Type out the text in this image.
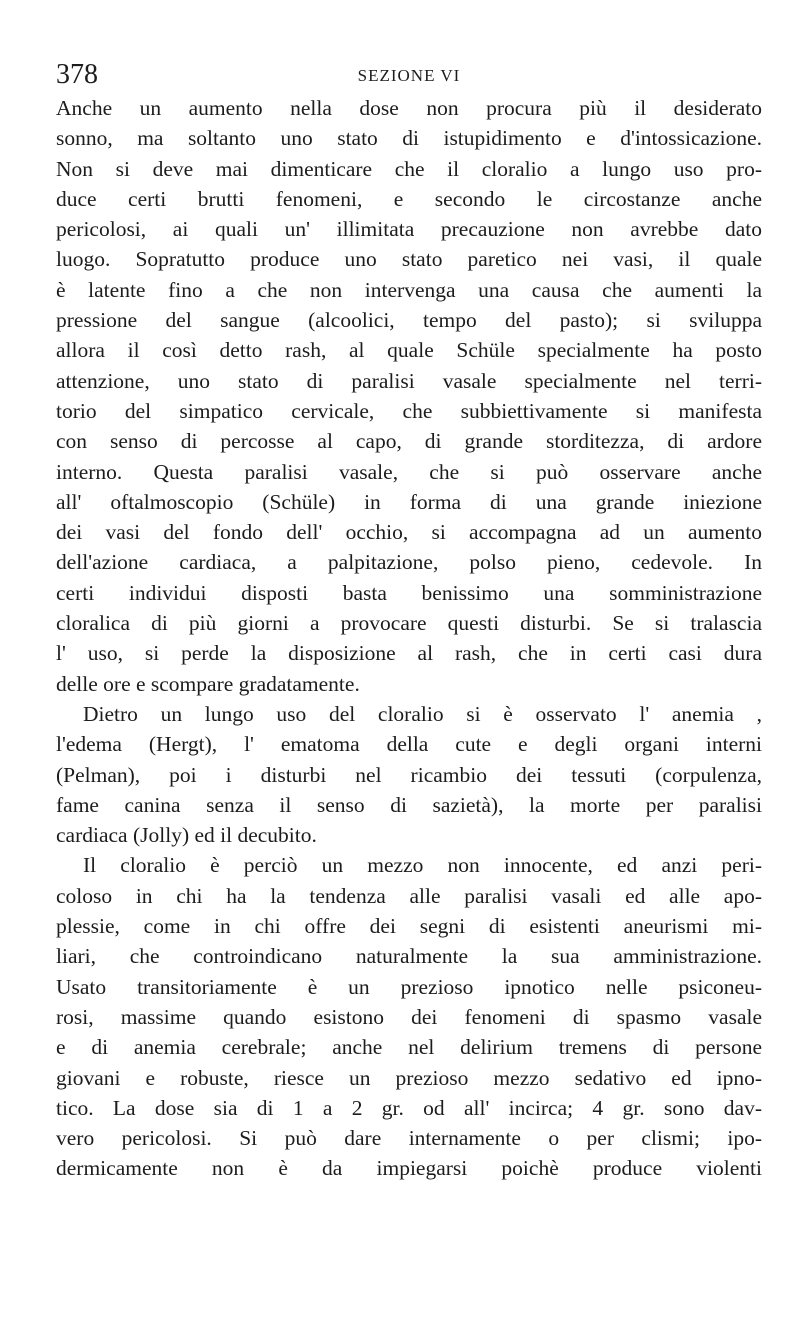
378	SEZIONE VI
Anche un aumento nella dose non procura più il desiderato
sonno, ma soltanto uno stato di istupidimento e d'intossicazione.
Non si deve mai dimenticare che il cloralio a lungo uso pro-
duce certi brutti fenomeni, e secondo le circostanze anche
pericolosi, ai quali un' illimitata precauzione non avrebbe dato
luogo. Sopratutto produce uno stato paretico nei vasi, il quale
è latente fino a che non intervenga una causa che aumenti la
pressione del sangue (alcoolici, tempo del pasto); si sviluppa
allora il così detto rash, al quale Schüle specialmente ha posto
attenzione, uno stato di paralisi vasale specialmente nel terri-
torio del simpatico cervicale, che subbiettivamente si manifesta
con senso di percosse al capo, di grande storditezza, di ardore
interno. Questa paralisi vasale, che si può osservare anche
all' oftalmoscopio (Schüle) in forma di una grande iniezione
dei vasi del fondo dell' occhio, si accompagna ad un aumento
dell'azione cardiaca, a palpitazione, polso pieno, cedevole. In
certi individui disposti basta benissimo una somministrazione
cloralica di più giorni a provocare questi disturbi. Se si tralascia
l' uso, si perde la disposizione al rash, che in certi casi dura
delle ore e scompare gradatamente.
Dietro un lungo uso del cloralio si è osservato l' anemia ,
l'edema (Hergt), l' ematoma della cute e degli organi interni
(Pelman), poi i disturbi nel ricambio dei tessuti (corpulenza,
fame canina senza il senso di sazietà), la morte per paralisi
cardiaca (Jolly) ed il decubito.
Il cloralio è perciò un mezzo non innocente, ed anzi peri-
coloso in chi ha la tendenza alle paralisi vasali ed alle apo-
plessie, come in chi offre dei segni di esistenti aneurismi mi-
liari, che controindicano naturalmente la sua amministrazione.
Usato transitoriamente è un prezioso ipnotico nelle psiconeu-
rosi, massime quando esistono dei fenomeni di spasmo vasale
e di anemia cerebrale; anche nel delirium tremens di persone
giovani e robuste, riesce un prezioso mezzo sedativo ed ipno-
tico. La dose sia di 1 a 2 gr. od all' incirca; 4 gr. sono dav-
vero pericolosi. Si può dare internamente o per clismi; ipo-
dermicamente non è da impiegarsi poichè produce violenti
